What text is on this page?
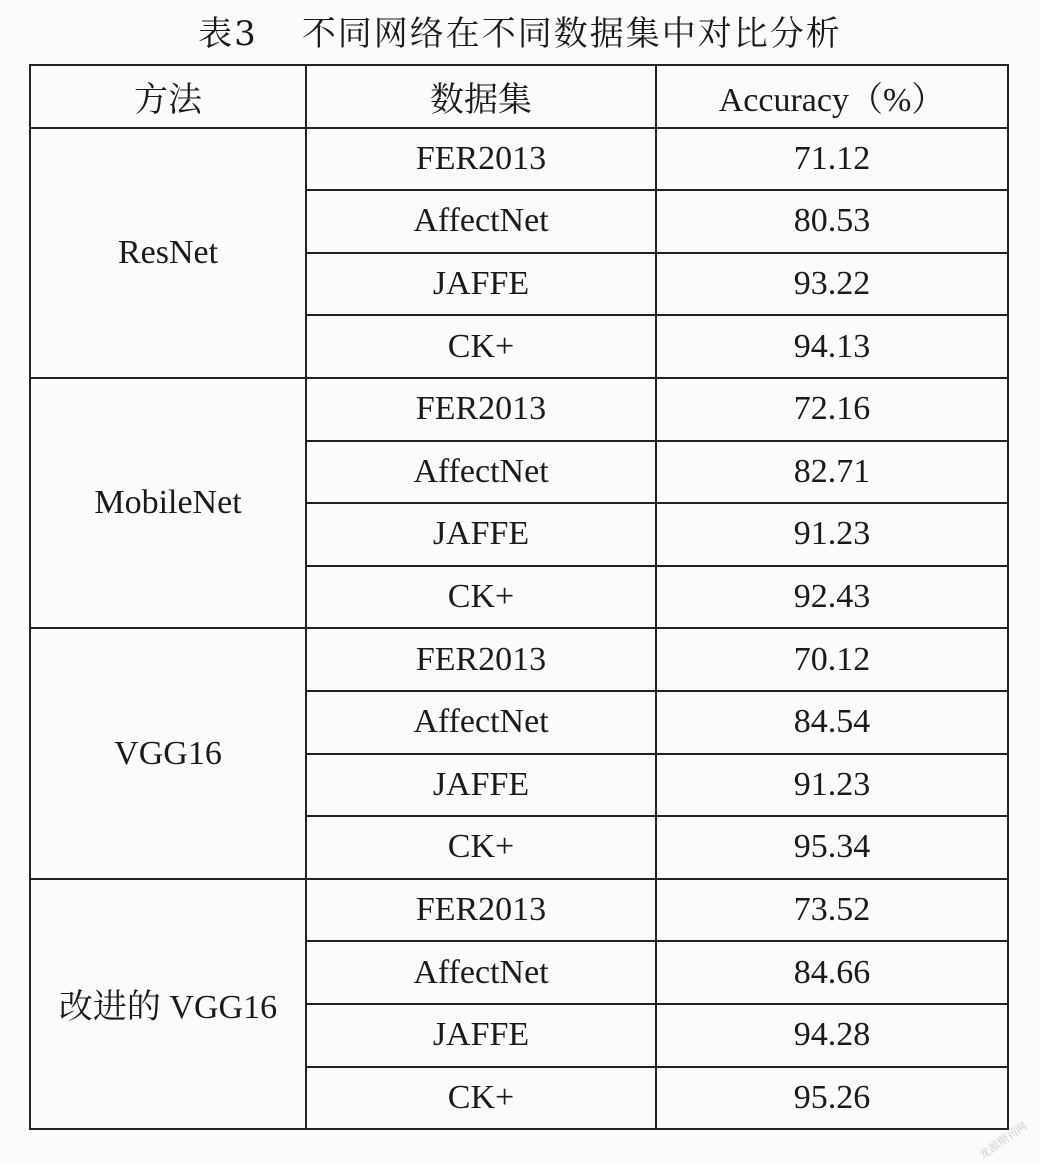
表3 不同网络在不同数据集中对比分析
方法	数据集	Accuracy（%）
ResNet	FER2013	71.12
	AffectNet	80.53
	JAFFE	93.22
	CK+	94.13
MobileNet	FER2013	72.16
	AffectNet	82.71
	JAFFE	91.23
	CK+	92.43
VGG16	FER2013	70.12
	AffectNet	84.54
	JAFFE	91.23
	CK+	95.34
改进的 VGG16	FER2013	73.52
	AffectNet	84.66
	JAFFE	94.28
	CK+	95.26
龙源期刊网
